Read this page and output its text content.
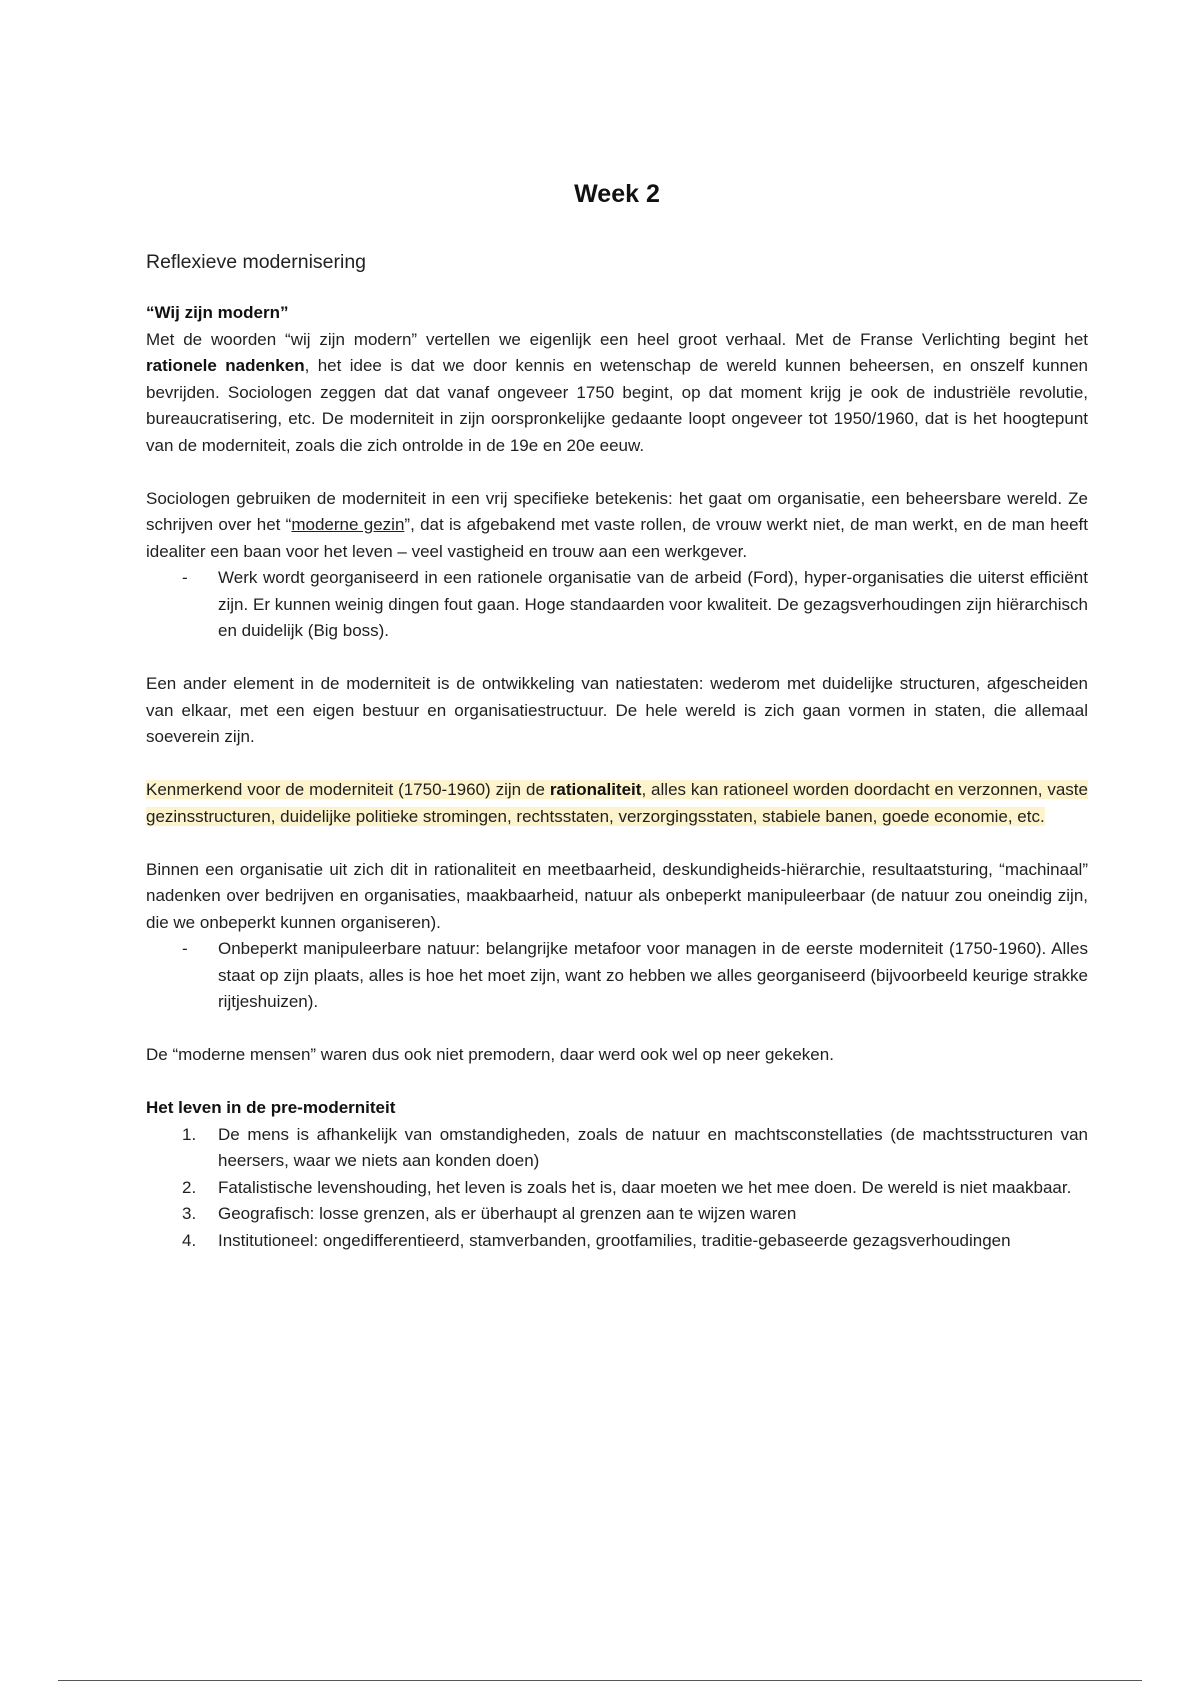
Week 2
Reflexieve modernisering
“Wij zijn modern”

Met de woorden “wij zijn modern” vertellen we eigenlijk een heel groot verhaal. Met de Franse Verlichting begint het rationele nadenken, het idee is dat we door kennis en wetenschap de wereld kunnen beheersen, en onszelf kunnen bevrijden. Sociologen zeggen dat dat vanaf ongeveer 1750 begint, op dat moment krijg je ook de industriële revolutie, bureaucratisering, etc. De moderniteit in zijn oorspronkelijke gedaante loopt ongeveer tot 1950/1960, dat is het hoogtepunt van de moderniteit, zoals die zich ontrolde in de 19e en 20e eeuw.

Sociologen gebruiken de moderniteit in een vrij specifieke betekenis: het gaat om organisatie, een beheersbare wereld. Ze schrijven over het “moderne gezin”, dat is afgebakend met vaste rollen, de vrouw werkt niet, de man werkt, en de man heeft idealiter een baan voor het leven – veel vastigheid en trouw aan een werkgever.

- Werk wordt georganiseerd in een rationele organisatie van de arbeid (Ford), hyper-organisaties die uiterst efficiënt zijn. Er kunnen weinig dingen fout gaan. Hoge standaarden voor kwaliteit. De gezagsverhoudingen zijn hiërarchisch en duidelijk (Big boss).

Een ander element in de moderniteit is de ontwikkeling van natiestaten: wederom met duidelijke structuren, afgescheiden van elkaar, met een eigen bestuur en organisatiestructuur. De hele wereld is zich gaan vormen in staten, die allemaal soeverein zijn.

Kenmerkend voor de moderniteit (1750-1960) zijn de rationaliteit, alles kan rationeel worden doordacht en verzonnen, vaste gezinsstructuren, duidelijke politieke stromingen, rechtsstaten, verzorgingsstaten, stabiele banen, goede economie, etc.

Binnen een organisatie uit zich dit in rationaliteit en meetbaarheid, deskundigheids-hiërarchie, resultaatsturing, “machinaal” nadenken over bedrijven en organisaties, maakbaarheid, natuur als onbeperkt manipuleerbaar (de natuur zou oneindig zijn, die we onbeperkt kunnen organiseren).

- Onbeperkt manipuleerbare natuur: belangrijke metafoor voor managen in de eerste moderniteit (1750-1960). Alles staat op zijn plaats, alles is hoe het moet zijn, want zo hebben we alles georganiseerd (bijvoorbeeld keurige strakke rijtjeshuizen).

De “moderne mensen” waren dus ook niet premodern, daar werd ook wel op neer gekeken.

Het leven in de pre-moderniteit
1. De mens is afhankelijk van omstandigheden, zoals de natuur en machtsconstellaties (de machtsstructuren van heersers, waar we niets aan konden doen)
2. Fatalistische levenshouding, het leven is zoals het is, daar moeten we het mee doen. De wereld is niet maakbaar.
3. Geografisch: losse grenzen, als er überhaupt al grenzen aan te wijzen waren
4. Institutioneel: ongedifferentieerd, stamverbanden, grootfamilies, traditie-gebaseerde gezagsverhoudingen
